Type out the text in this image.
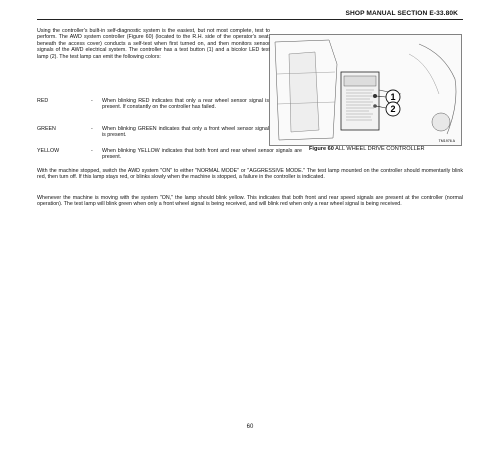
SHOP MANUAL SECTION E-33.80K
Using the controller's built-in self-diagnostic system is the easiest, but not most complete, test to perform. The AWD system controller (Figure 60) (located to the R.H. side of the operator's seat, beneath the access cover) conducts a self-test when first turned on, and then monitors sensor signals of the AWD electrical system. The controller has a test button (1) and a bicolor LED test lamp (2). The test lamp can emit the following colors:
RED	- When blinking RED indicates that only a rear wheel sensor signal is present. If constantly on the controller has failed.
GREEN	- When blinking GREEN indicates that only a front wheel sensor signal is present.
YELLOW	- When blinking YELLOW indicates that both front and rear wheel sensor signals are present.
1
2
TM1976 A
Figure 60 ALL WHEEL DRIVE CONTROLLER
With the machine stopped, switch the AWD system "ON" to either "NORMAL MODE" or "AGGRESSIVE MODE." The test lamp mounted on the controller should momentarily blink red, then turn off. If this lamp stays red, or blinks slowly when the machine is stopped, a failure in the controller is indicated.
Whenever the machine is moving with the system "ON," the lamp should blink yellow. This indicates that both front and rear speed signals are present at the controller (normal operation). The test lamp will blink green when only a front wheel signal is being received, and will blink red when only a rear wheel signal is being received.
60
